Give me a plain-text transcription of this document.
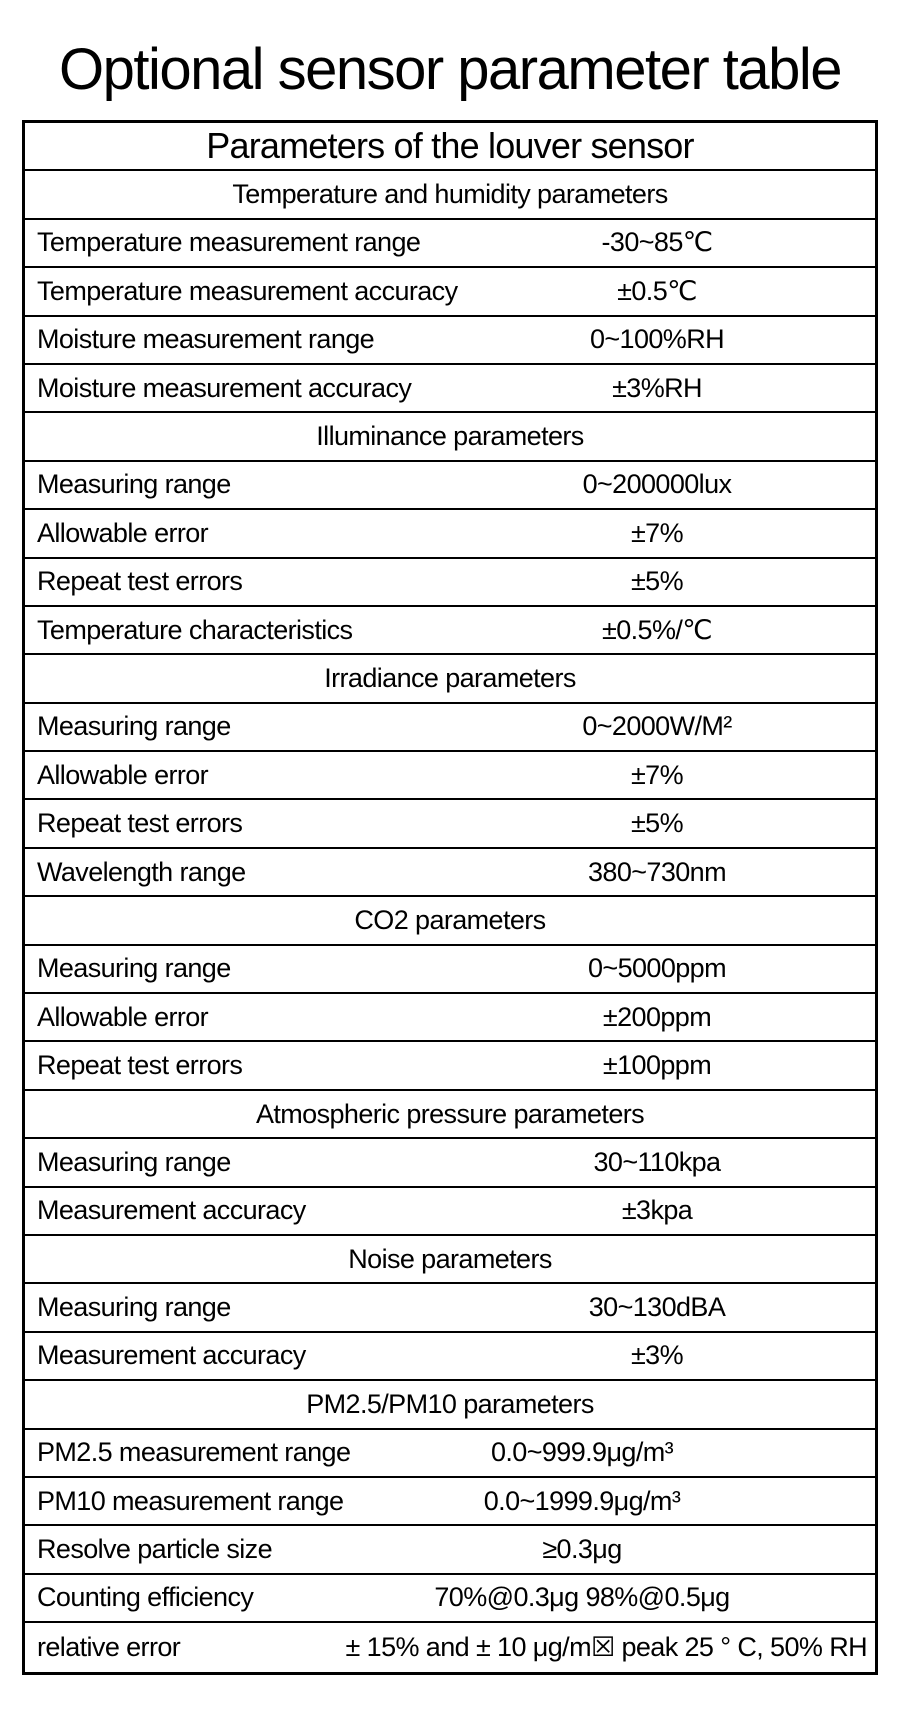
Optional sensor parameter table
Parameters of the louver sensor
Temperature and humidity parameters
Temperature measurement range	-30~85℃
Temperature measurement accuracy	±0.5℃
Moisture measurement range	0~100%RH
Moisture measurement accuracy	±3%RH
Illuminance parameters
Measuring range	0~200000lux
Allowable error	±7%
Repeat test errors	±5%
Temperature characteristics	±0.5%/℃
Irradiance parameters
Measuring range	0~2000W/M²
Allowable error	±7%
Repeat test errors	±5%
Wavelength range	380~730nm
CO2 parameters
Measuring range	0~5000ppm
Allowable error	±200ppm
Repeat test errors	±100ppm
Atmospheric pressure parameters
Measuring range	30~110kpa
Measurement accuracy	±3kpa
Noise parameters
Measuring range	30~130dBA
Measurement accuracy	±3%
PM2.5/PM10 parameters
PM2.5 measurement range	0.0~999.9μg/m³
PM10 measurement range	0.0~1999.9μg/m³
Resolve particle size	≥0.3μg
Counting efficiency	70%@0.3μg 98%@0.5μg
relative error	± 15% and ± 10 μg/m☒ peak 25 ° C, 50% RH
